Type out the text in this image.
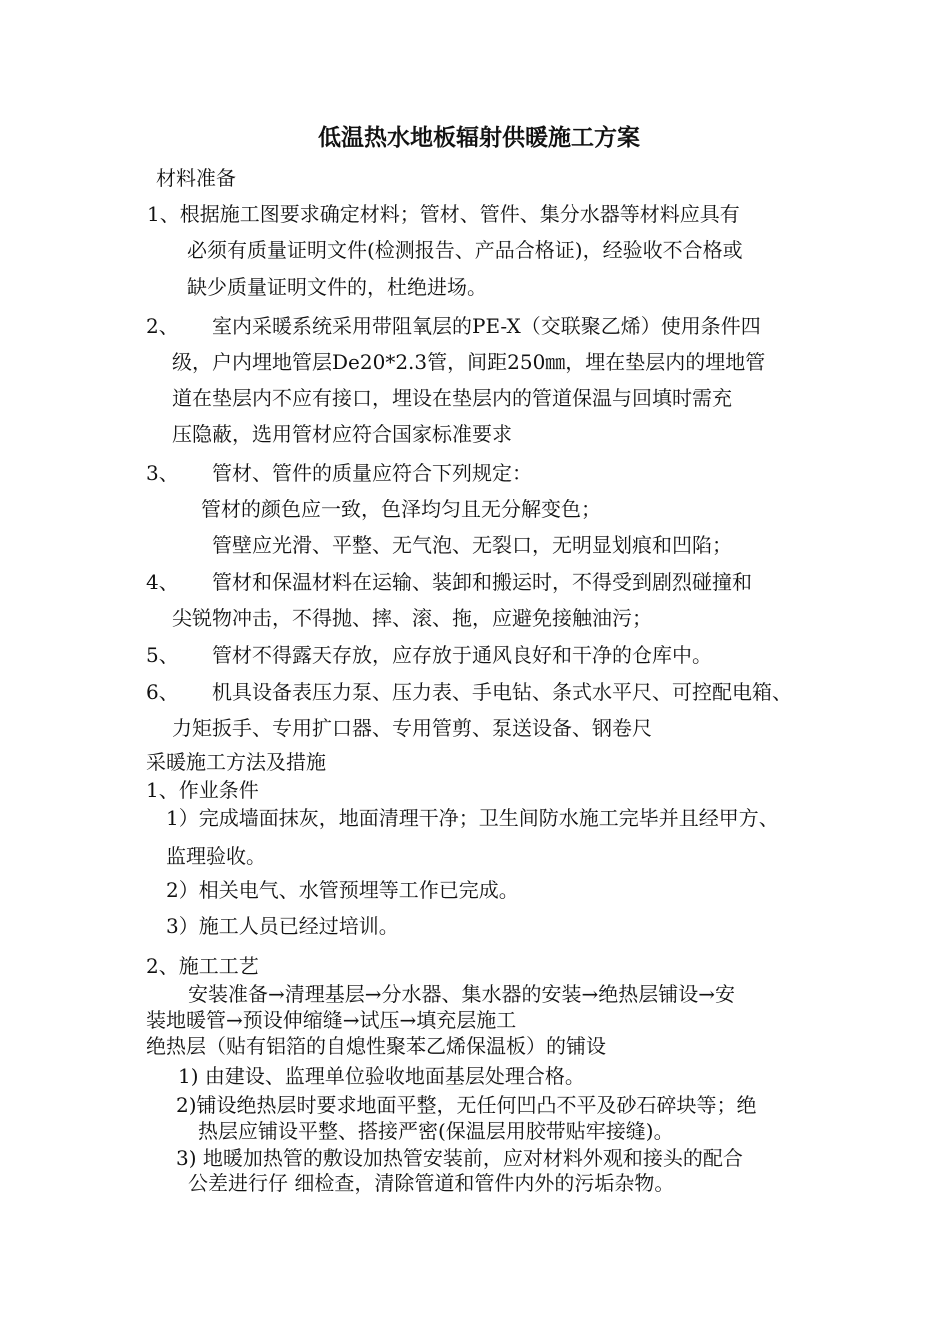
低温热水地板辐射供暖施工方案
材料准备
1、根据施工图要求确定材料；管材、管件、集分水器等材料应具有
必须有质量证明文件(检测报告、产品合格证)，经验收不合格或
缺少质量证明文件的，杜绝进场。
2、 室内采暖系统采用带阻氧层的PE-X（交联聚乙烯）使用条件四
级，户内埋地管层De20*2.3管，间距250㎜，埋在垫层内的埋地管
道在垫层内不应有接口，埋设在垫层内的管道保温与回填时需充
压隐蔽，选用管材应符合国家标准要求
3、 管材、管件的质量应符合下列规定：
管材的颜色应一致，色泽均匀且无分解变色；
管壁应光滑、平整、无气泡、无裂口，无明显划痕和凹陷；
4、 管材和保温材料在运输、装卸和搬运时，不得受到剧烈碰撞和
尖锐物冲击，不得抛、摔、滚、拖，应避免接触油污；
5、 管材不得露天存放，应存放于通风良好和干净的仓库中。
6、 机具设备表压力泵、压力表、手电钻、条式水平尺、可控配电箱、
力矩扳手、专用扩口器、专用管剪、泵送设备、钢卷尺
采暖施工方法及措施
1、作业条件
1）完成墙面抹灰，地面清理干净；卫生间防水施工完毕并且经甲方、
监理验收。
2）相关电气、水管预埋等工作已完成。
3）施工人员已经过培训。
2、施工工艺
安装准备→清理基层→分水器、集水器的安装→绝热层铺设→安
装地暖管→预设伸缩缝→试压→填充层施工
绝热层（贴有铝箔的自熄性聚苯乙烯保温板）的铺设
1) 由建设、监理单位验收地面基层处理合格。
2)铺设绝热层时要求地面平整，无任何凹凸不平及砂石碎块等；绝
热层应铺设平整、搭接严密(保温层用胶带贴牢接缝)。
3) 地暖加热管的敷设加热管安装前，应对材料外观和接头的配合
公差进行仔 细检查，清除管道和管件内外的污垢杂物。
